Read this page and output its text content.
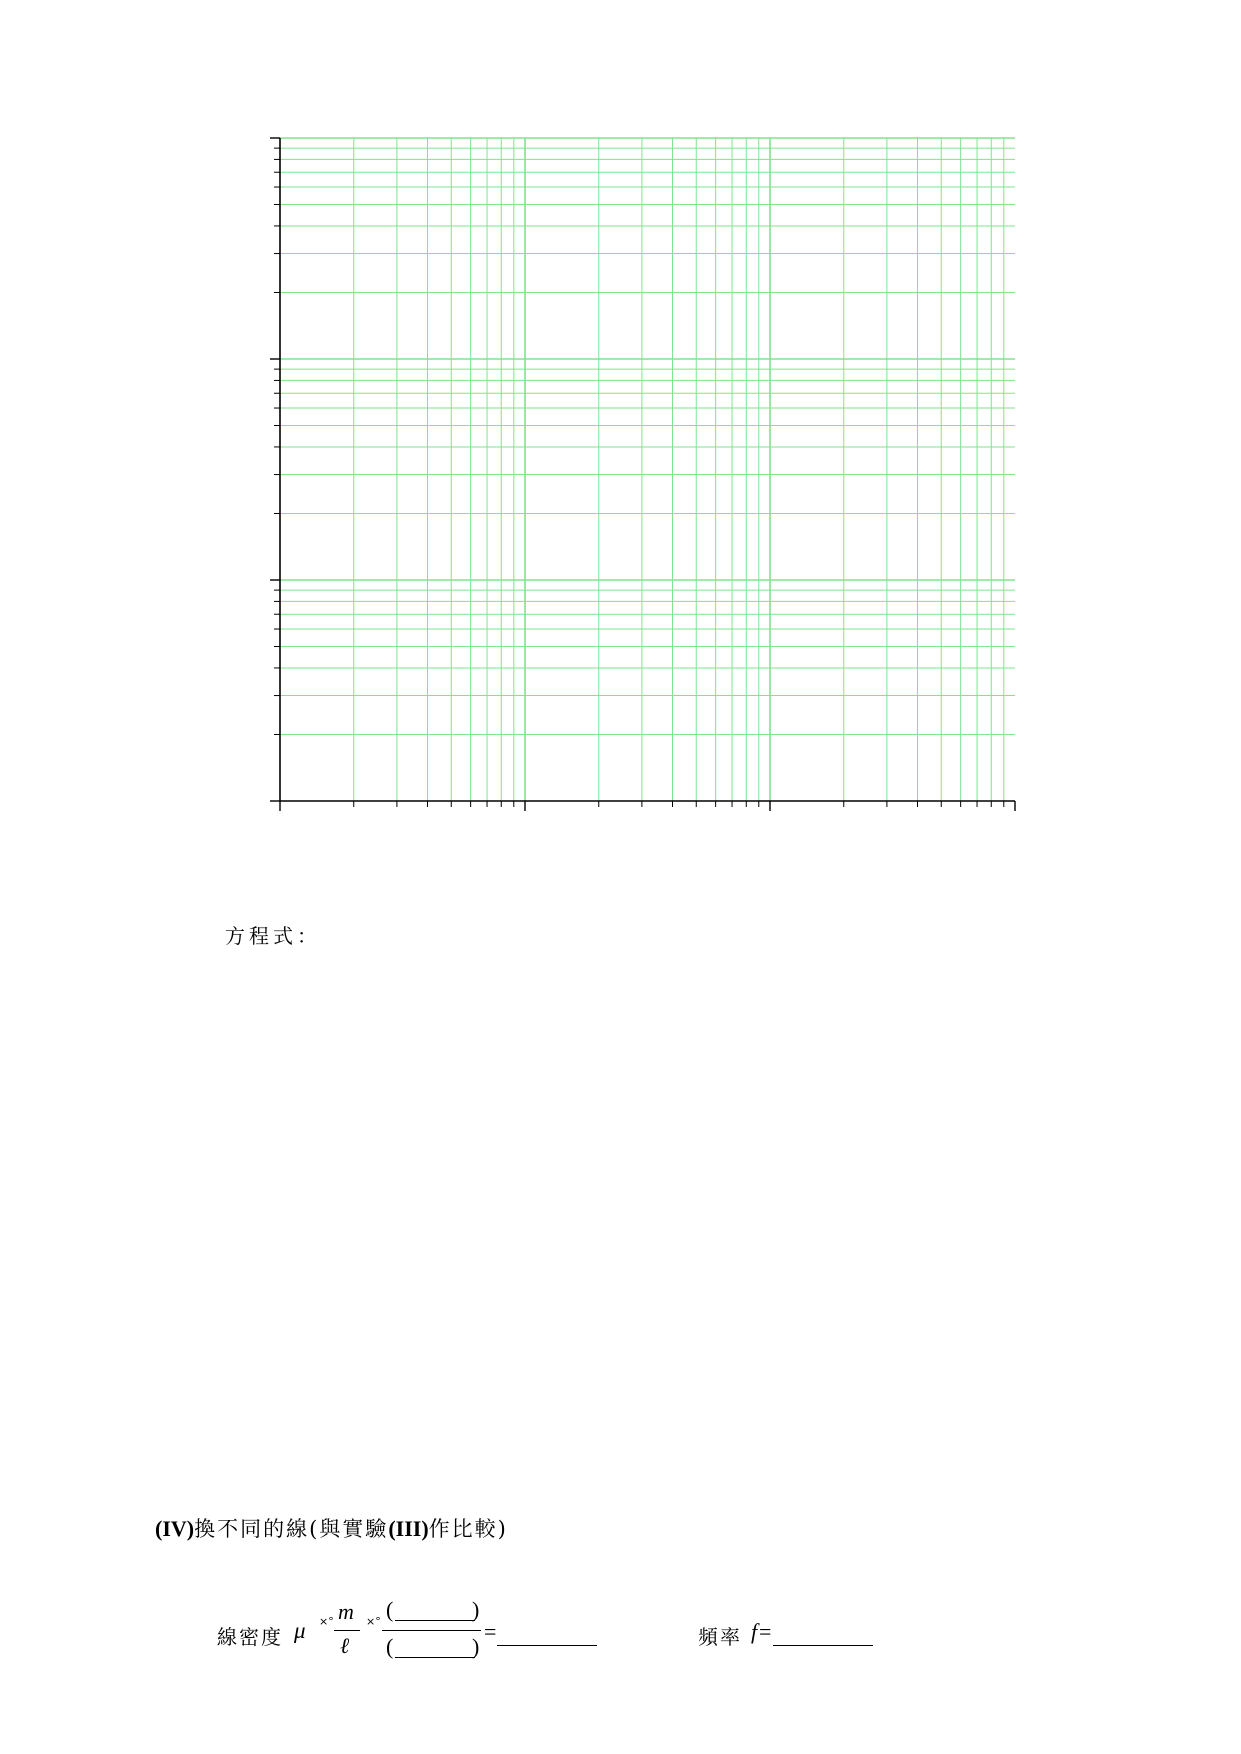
方程式：
(IV)換不同的線(與實驗(III)作比較)
線密度 μ ×° m
ℓ
×° (	)
(	)
=	頻率 f =
